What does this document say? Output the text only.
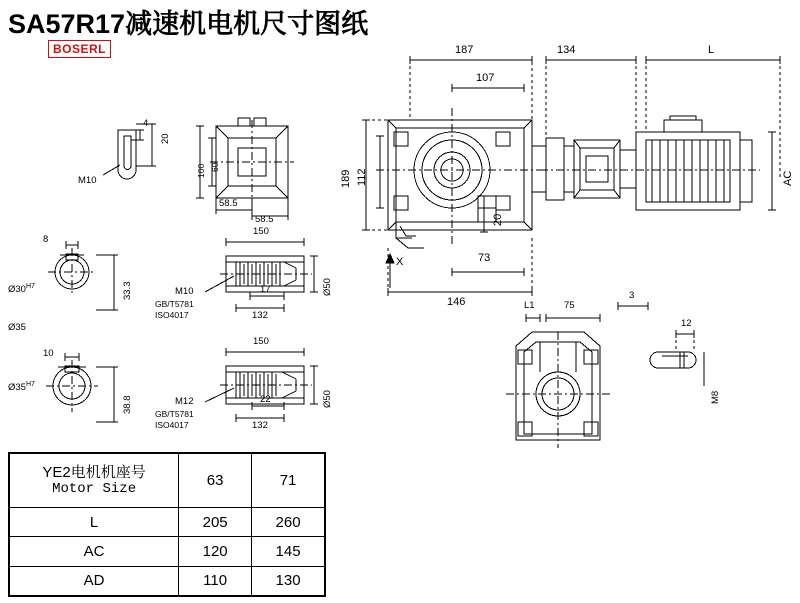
SA57R17减速机电机尺寸图纸
BOSERL	187
107
134	L
189 112	AC
146
73
20
X
20
4
M10
100 60
58.5
58.5
8
$Ø30^{H7}$	33.3
Ø35
10
$Ø35^{H7}$
38.8
150
132
17
M10
GB/T5781
ISO4017
Ø50
150
132
22
M12
GB/T5781
ISO4017
Ø50
L1	75
3
12
M8
YE2电机机座号
Motor Size	63	71
L	205	260
AC	120	145
AD	110	130
